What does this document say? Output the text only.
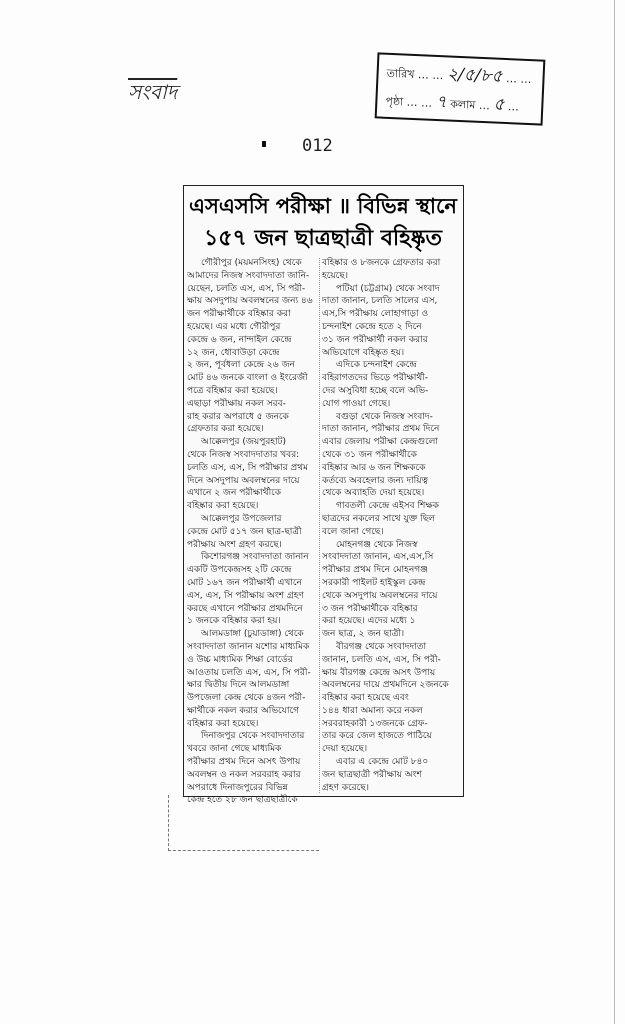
সংবাদ
তারিখ … … ২/৫/৮৫ … …
পৃষ্ঠা … … ৭ কলাম … ৫ …
012
এসএসসি পরীক্ষা ॥ বিভিন্ন স্থানে
১৫৭ জন ছাত্রছাত্রী বহিষ্কৃত
গৌরীপুর (ময়মনসিংহ) থেকে
আমাদের নিজস্ব সংবাদদাতা জানি-
য়েছেন, চলতি এস, এস, সি পরী-
ক্ষায় অসদুপায় অবলম্বনের জন্য ৪৬
জন পরীক্ষার্থীকে বহিষ্কার করা
হয়েছে। এর মধ্যে গৌরীপুর
কেন্দ্রে ৬ জন, নান্দাইল কেন্দ্রে
১২ জন, ধোবাউড়া কেন্দ্রে
২ জন, পূর্বধলা কেন্দ্রে ২৬ জন
মোট ৪৬ জনকে বাংলা ও ইংরেজী
পত্রে বহিষ্কার করা হয়েছে।
এছাড়া পরীক্ষায় নকল সরব-
রাহ করার অপরাধে ৫ জনকে
গ্রেফতার করা হয়েছে।
আক্কেলপুর (জয়পুরহাট)
থেকে নিজস্ব সংবাদদাতার খবর:
চলতি এস, এস, সি পরীক্ষার প্রথম
দিনে অসদুপায় অবলম্বনের দায়ে
এখানে ২ জন পরীক্ষার্থীকে
বহিষ্কার করা হয়েছে।
আক্কেলপুর উপজেলার
কেন্দ্রে মোট ৫১৭ জন ছাত্র-ছাত্রী
পরীক্ষায় অংশ গ্রহণ করছে।
কিশোরগঞ্জ সংবাদদাতা জানান
একটি উপকেন্দ্রসহ ২টি কেন্দ্রে
মোট ১৬৭ জন পরীক্ষার্থী এখানে
এস, এস, সি পরীক্ষায় অংশ গ্রহণ
করছে এখানে পরীক্ষার প্রথমদিনে
১ জনকে বহিষ্কার করা হয়।
আলমডাঙ্গা (চুয়াডাঙ্গা) থেকে
সংবাদদাতা জানান যশোর মাধ্যমিক
ও উচ্চ মাধ্যমিক শিক্ষা বোর্ডের
আওতায় চলতি এস, এস, সি পরী-
ক্ষার দ্বিতীয় দিনে আলমডাঙ্গা
উপজেলা কেন্দ্র থেকে ৪জন পরী-
ক্ষার্থীকে নকল করার অভিযোগে
বহিষ্কার করা হয়েছে।
দিনাজপুর থেকে সংবাদদাতার
খবরে জানা গেছে মাধ্যমিক
পরীক্ষার প্রথম দিনে অসৎ উপায়
অবলম্বন ও নকল সরবরাহ করার
অপরাধে দিনাজপুরের বিভিন্ন
কেন্দ্র হতে ২৮ জন ছাত্রছাত্রীকে
বহিষ্কার ও ৮জনকে গ্রেফতার করা
হয়েছে।
পটিয়া (চট্টগ্রাম) থেকে সংবাদ
দাতা জানান, চলতি সালের এস,
এস,সি পরীক্ষায় লোহাগাড়া ও
চন্দনাইশ কেন্দ্রে হতে ২ দিনে
৩১ জন পরীক্ষার্থী নকল করার
অভিযোগে বহিষ্কৃত হয়।
এদিকে চন্দনাইশ কেন্দ্রে
বহিরাগতদের ভিড়ে পরীক্ষার্থী-
দের অসুবিধা হচ্ছে বলে অভি-
যোগ পাওয়া গেছে।
বগুড়া থেকে নিজস্ব সংবাদ-
দাতা জানান, পরীক্ষার প্রথম দিনে
এবার জেলায় পরীক্ষা কেন্দ্রগুলো
থেকে ৩১ জন পরীক্ষার্থীকে
বহিষ্কার আর ৬ জন শিক্ষককে
কর্তব্যে অবহেলার জন্য দায়িত্ব
থেকে অব্যাহতি দেয়া হয়েছে।
গাবতলী কেন্দ্রে এইসব শিক্ষক
ছাত্রদের নকলের সাথে যুক্ত ছিল
বলে জানা গেছে।
মোহনগঞ্জ থেকে নিজস্ব
সংবাদদাতা জানান, এস,এস,সি
পরীক্ষার প্রথম দিনে মোহনগঞ্জ
সরকারী পাইলট হাইস্কুল কেন্দ্র
থেকে অসদুপায় অবলম্বনের দায়ে
৩ জন পরীক্ষার্থীকে বহিষ্কার
করা হয়েছে। এদের মধ্যে ১
জন ছাত্র, ২ জন ছাত্রী।
বীরগঞ্জ থেকে সংবাদদাতা
জানান, চলতি এস, এস, সি পরী-
ক্ষায় বীরগঞ্জ কেন্দ্রে অসৎ উপায়
অবলম্বনের দায়ে প্রথমদিনে ২জনকে
বহিষ্কার করা হয়েছে এবং
১৪৪ ধারা অমান্য করে নকল
সরবরাহকারী ১৩জনকে গ্রেফ-
তার করে জেল হাজতে পাঠিয়ে
দেয়া হয়েছে।
এবার এ কেন্দ্রে মোট ৮৪০
জন ছাত্রছাত্রী পরীক্ষায় অংশ
গ্রহণ করেছে।
